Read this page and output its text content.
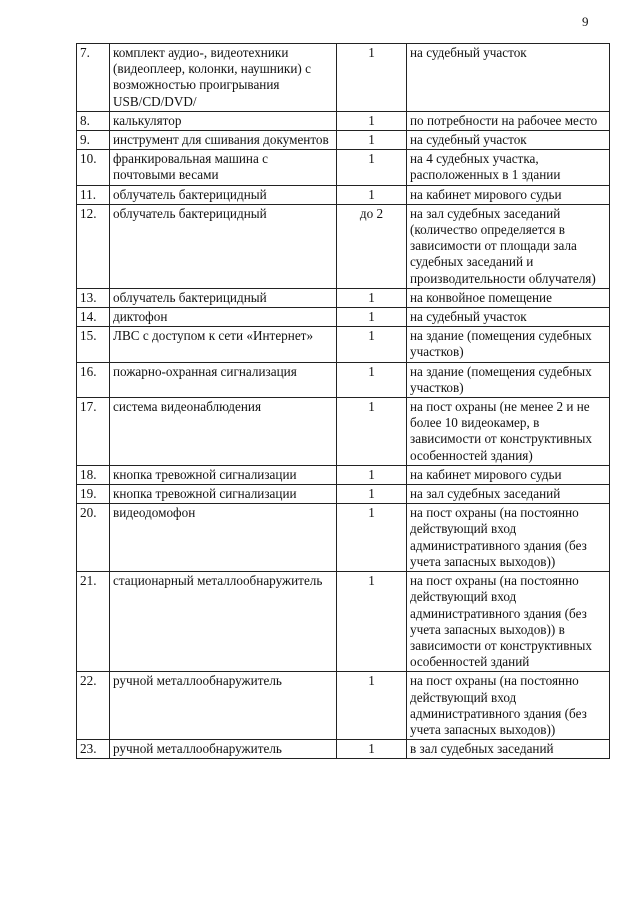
9
7.	комплект аудио-, видеотехники (видеоплеер, колонки, наушники) с возможностью проигрывания USB/CD/DVD/	1	на судебный участок
8.	калькулятор	1	по потребности на рабочее место
9.	инструмент для сшивания документов	1	на судебный участок
10.	франкировальная машина с почтовыми весами	1	на 4 судебных участка, расположенных в 1 здании
11.	облучатель бактерицидный	1	на кабинет мирового судьи
12.	облучатель бактерицидный	до 2	на зал судебных заседаний (количество определяется в зависимости от площади зала судебных заседаний и производительности облучателя)
13.	облучатель бактерицидный	1	на конвойное помещение
14.	диктофон	1	на судебный участок
15.	ЛВС с доступом к сети «Интернет»	1	на здание (помещения судебных участков)
16.	пожарно-охранная сигнализация	1	на здание (помещения судебных участков)
17.	система видеонаблюдения	1	на пост охраны (не менее 2 и не более 10 видеокамер, в зависимости от конструктивных особенностей здания)
18.	кнопка тревожной сигнализации	1	на кабинет мирового судьи
19.	кнопка тревожной сигнализации	1	на зал судебных заседаний
20.	видеодомофон	1	на пост охраны (на постоянно действующий вход административного здания (без учета запасных выходов))
21.	стационарный металлообнаружитель	1	на пост охраны (на постоянно действующий вход административного здания (без учета запасных выходов)) в зависимости от конструктивных особенностей зданий
22.	ручной металлообнаружитель	1	на пост охраны (на постоянно действующий вход административного здания (без учета запасных выходов))
23.	ручной металлообнаружитель	1	в зал судебных заседаний
